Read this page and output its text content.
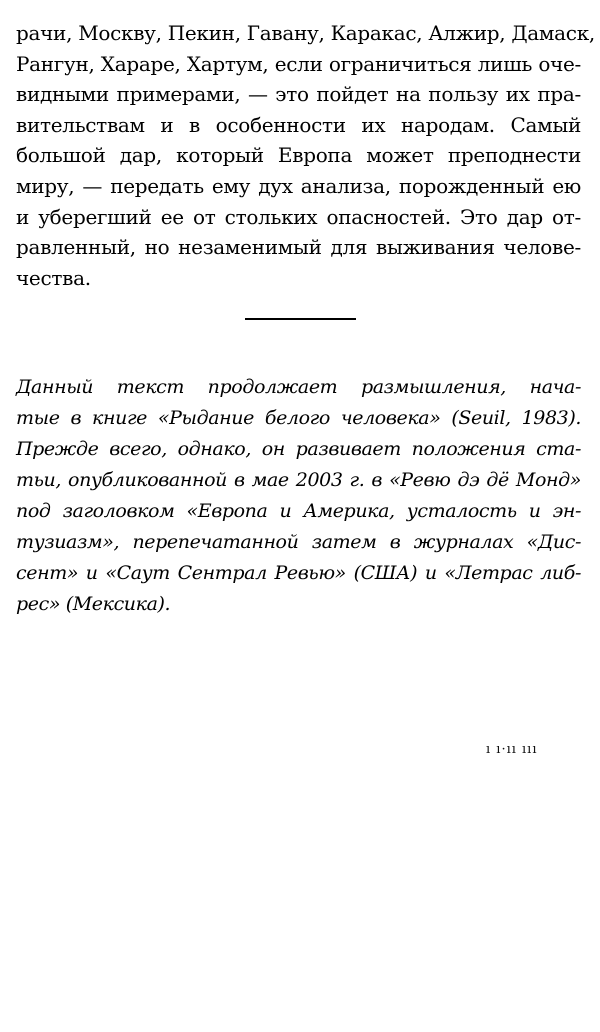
рачи, Москву, Пекин, Гавану, Каракас, Алжир, Дамаск,
Рангун, Хараре, Хартум, если ограничиться лишь оче-
видными примерами, — это пойдет на пользу их пра-
вительствам и в особенности их народам. Самый
большой дар, который Европа может преподнести
миру, — передать ему дух анализа, порожденный ею
и уберегший ее от стольких опасностей. Это дар от-
равленный, но незаменимый для выживания челове-
чества.
Данный текст продолжает размышления, нача-
тые в книге «Рыдание белого человека» (Seuil, 1983).
Прежде всего, однако, он развивает положения ста-
тьи, опубликованной в мае 2003 г. в «Ревю дэ дё Монд»
под заголовком «Европа и Америка, усталость и эн-
тузиазм», перепечатанной затем в журналах «Дис-
сент» и «Саут Сентрал Ревью» (США) и «Летрас либ-
рес» (Мексика).
ı ı·ıı ııı
